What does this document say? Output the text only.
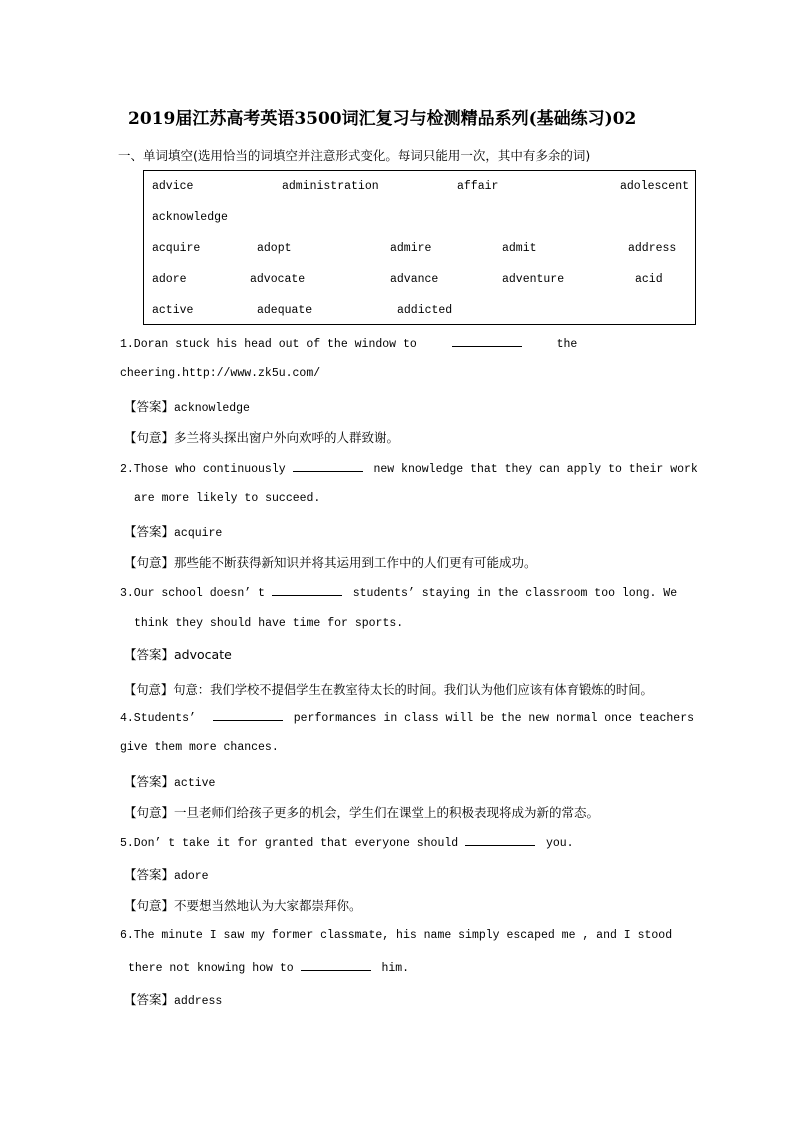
2019届江苏高考英语3500词汇复习与检测精品系列(基础练习)02
一、单词填空(选用恰当的词填空并注意形式变化。每词只能用一次，其中有多余的词)
advice	administration	affair	adolescent
acknowledge
acquire	adopt	admire	admit	address
adore	advocate	advance	adventure	acid
active	adequate	addicted
1.Doran stuck his head out of the window to	the
cheering.http://www.zk5u.com/
【答案】acknowledge
【句意】多兰将头探出窗户外向欢呼的人群致谢。
2.Those who continuously	new knowledge that they can apply to their work
are more likely to succeed.
【答案】acquire
【句意】那些能不断获得新知识并将其运用到工作中的人们更有可能成功。
3.Our school doesn’ t	students’ staying in the classroom too long. We
think they should have time for sports.
【答案】advocate
【句意】句意：我们学校不提倡学生在教室待太长的时间。我们认为他们应该有体育锻炼的时间。
4.Students’	performances in class will be the new normal once teachers
give them more chances.
【答案】active
【句意】一旦老师们给孩子更多的机会，学生们在课堂上的积极表现将成为新的常态。
5.Don’ t take it for granted that everyone should	you.
【答案】adore
【句意】不要想当然地认为大家都崇拜你。
6.The minute I saw my former classmate, his name simply escaped me , and I stood
there not knowing how to	him.
【答案】address
